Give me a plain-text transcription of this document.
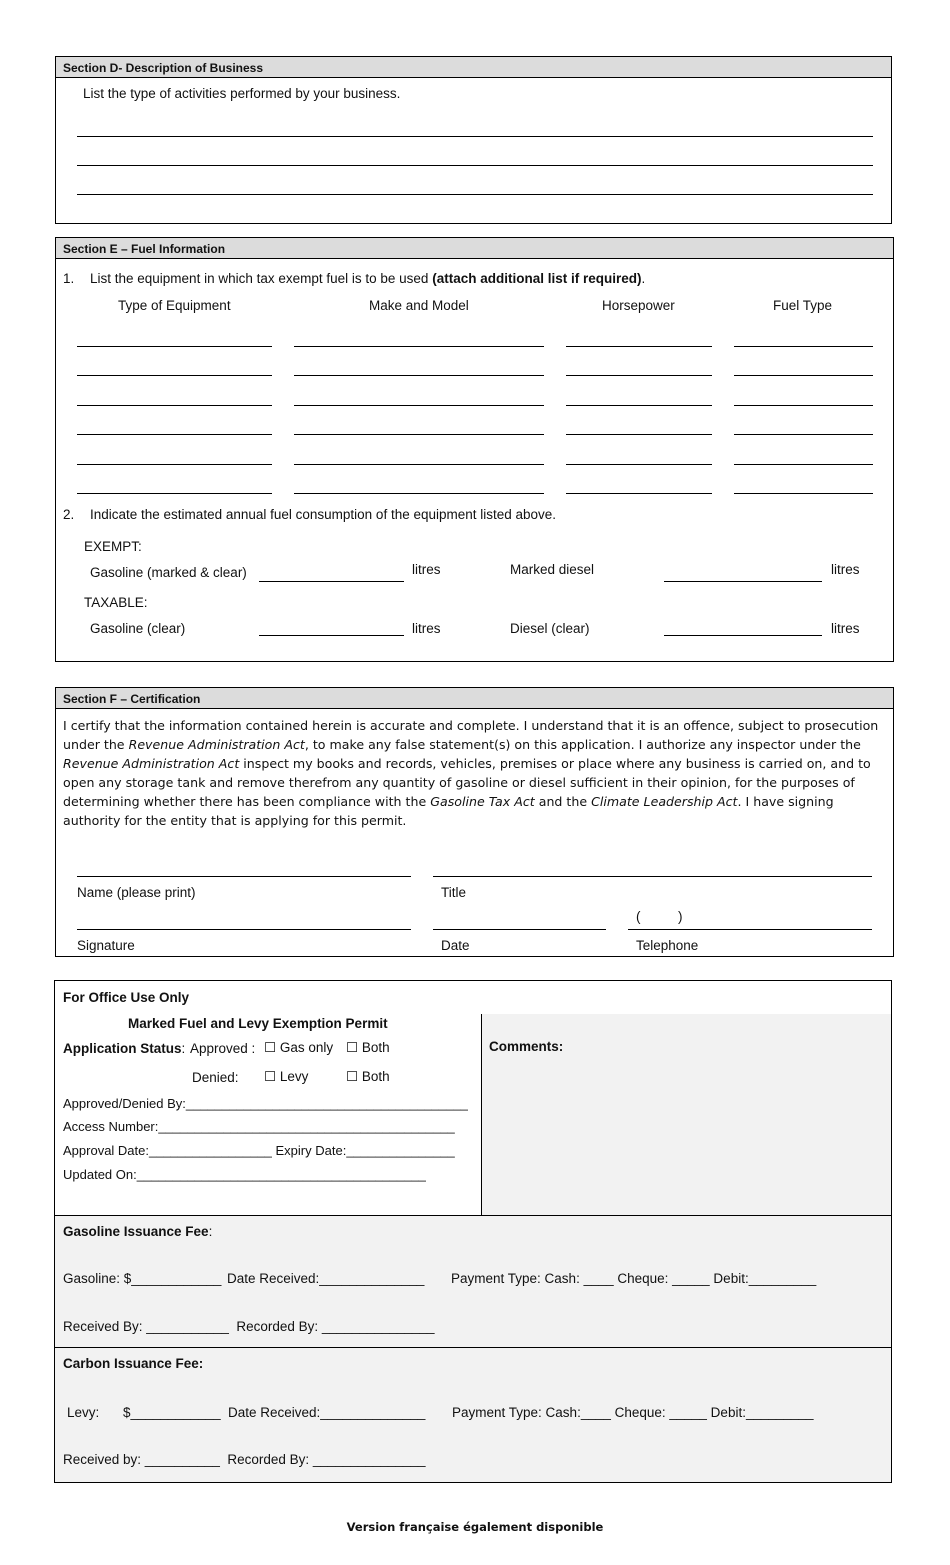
Section D- Description of Business
List the type of activities performed by your business.
Section E – Fuel Information
1. List the equipment in which tax exempt fuel is to be used (attach additional list if required).
Type of Equipment	Make and Model	Horsepower	Fuel Type
2. Indicate the estimated annual fuel consumption of the equipment listed above.
EXEMPT:
Gasoline (marked & clear)	litres	Marked diesel	litres
TAXABLE:
Gasoline (clear)	litres	Diesel (clear)	litres
Section F – Certification
I certify that the information contained herein is accurate and complete. I understand that it is an offence, subject to prosecution under the Revenue Administration Act, to make any false statement(s) on this application. I authorize any inspector under the Revenue Administration Act inspect my books and records, vehicles, premises or place where any business is carried on, and to open any storage tank and remove therefrom any quantity of gasoline or diesel sufficient in their opinion, for the purposes of determining whether there has been compliance with the Gasoline Tax Act and the Climate Leadership Act. I have signing authority for the entity that is applying for this permit.
Name (please print)	Title
(          )
Signature	Date	Telephone
For Office Use Only
Marked Fuel and Levy Exemption Permit
Application Status: Approved : ☐ Gas only ☐ Both
Denied: ☐ Levy	☐ Both
Approved/Denied By:_______________________________________
Access Number:_________________________________________
Approval Date:_________________ Expiry Date:_______________
Updated On:________________________________________
Comments:
Gasoline Issuance Fee:
Gasoline: $____________ Date Received:______________ Payment Type: Cash: ____ Cheque: _____ Debit:_________
Received By: ___________  Recorded By: _______________
Carbon Issuance Fee:
Levy: $____________ Date Received:______________ Payment Type: Cash:____ Cheque: _____ Debit:_________
Received by: __________  Recorded By: _______________
Version française également disponible
